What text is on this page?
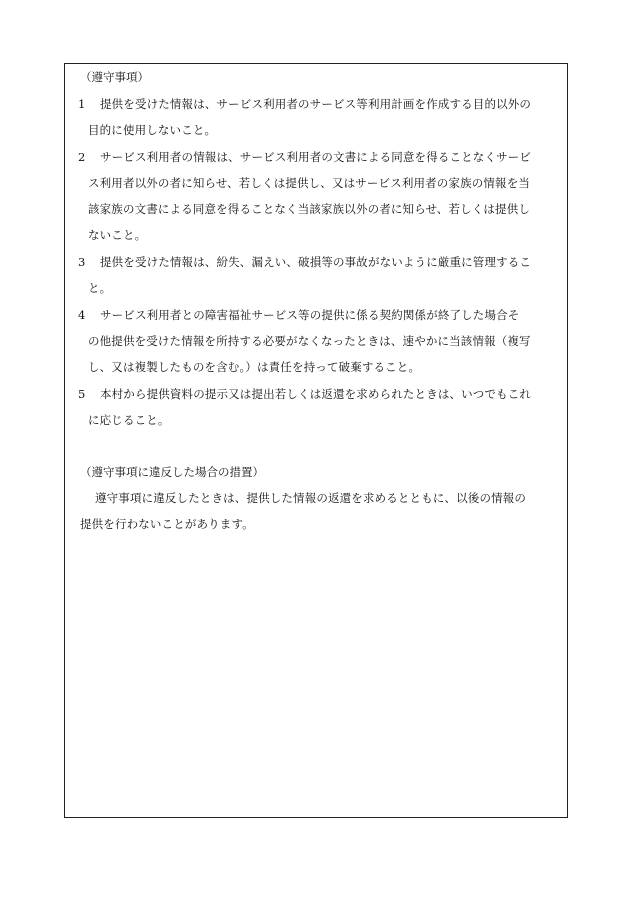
（遵守事項）
1 提供を受けた情報は、サービス利用者のサービス等利用計画を作成する目的以外の
目的に使用しないこと。
2 サービス利用者の情報は、サービス利用者の文書による同意を得ることなくサービ
ス利用者以外の者に知らせ、若しくは提供し、又はサービス利用者の家族の情報を当
該家族の文書による同意を得ることなく当該家族以外の者に知らせ、若しくは提供し
ないこと。
3 提供を受けた情報は、紛失、漏えい、破損等の事故がないように厳重に管理するこ
と。
4 サービス利用者との障害福祉サービス等の提供に係る契約関係が終了した場合そ
の他提供を受けた情報を所持する必要がなくなったときは、速やかに当該情報（複写
し、又は複製したものを含む。）は責任を持って破棄すること。
5 本村から提供資料の提示又は提出若しくは返還を求められたときは、いつでもこれ
に応じること。
（遵守事項に違反した場合の措置）
遵守事項に違反したときは、提供した情報の返還を求めるとともに、以後の情報の
提供を行わないことがあります。
